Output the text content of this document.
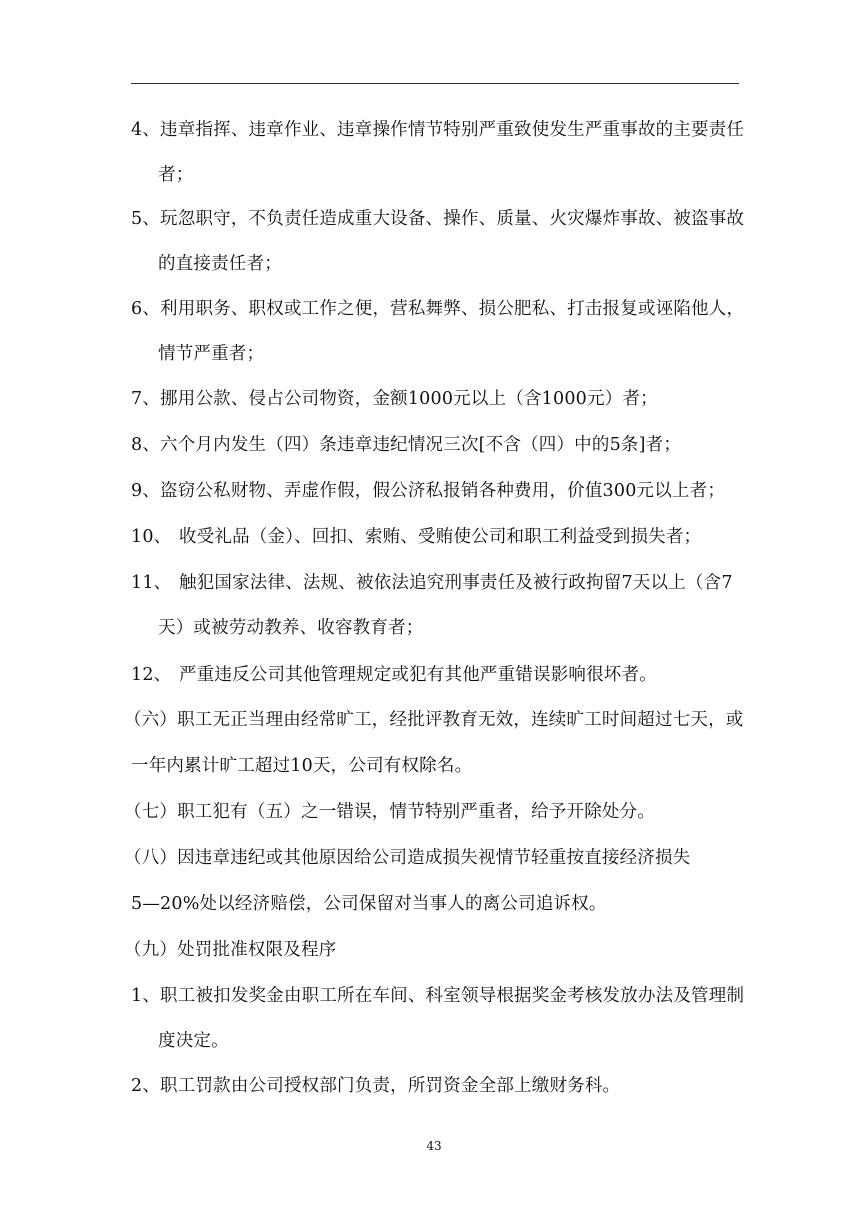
4、违章指挥、违章作业、违章操作情节特别严重致使发生严重事故的主要责任

者；

5、玩忽职守，不负责任造成重大设备、操作、质量、火灾爆炸事故、被盗事故

的直接责任者；

6、利用职务、职权或工作之便，营私舞弊、损公肥私、打击报复或诬陷他人，

情节严重者；

7、挪用公款、侵占公司物资，金额1000元以上（含1000元）者；

8、六个月内发生（四）条违章违纪情况三次[不含（四）中的5条]者；

9、盗窃公私财物、弄虚作假，假公济私报销各种费用，价值300元以上者；

10、 收受礼品（金）、回扣、索贿、受贿使公司和职工利益受到损失者；

11、 触犯国家法律、法规、被依法追究刑事责任及被行政拘留7天以上（含7

天）或被劳动教养、收容教育者；

12、 严重违反公司其他管理规定或犯有其他严重错误影响很坏者。

（六）职工无正当理由经常旷工，经批评教育无效，连续旷工时间超过七天，或

一年内累计旷工超过10天，公司有权除名。

（七）职工犯有（五）之一错误，情节特别严重者，给予开除处分。

（八）因违章违纪或其他原因给公司造成损失视情节轻重按直接经济损失

5—20%处以经济赔偿，公司保留对当事人的离公司追诉权。

（九）处罚批准权限及程序

1、职工被扣发奖金由职工所在车间、科室领导根据奖金考核发放办法及管理制

度决定。

2、职工罚款由公司授权部门负责，所罚资金全部上缴财务科。

43
